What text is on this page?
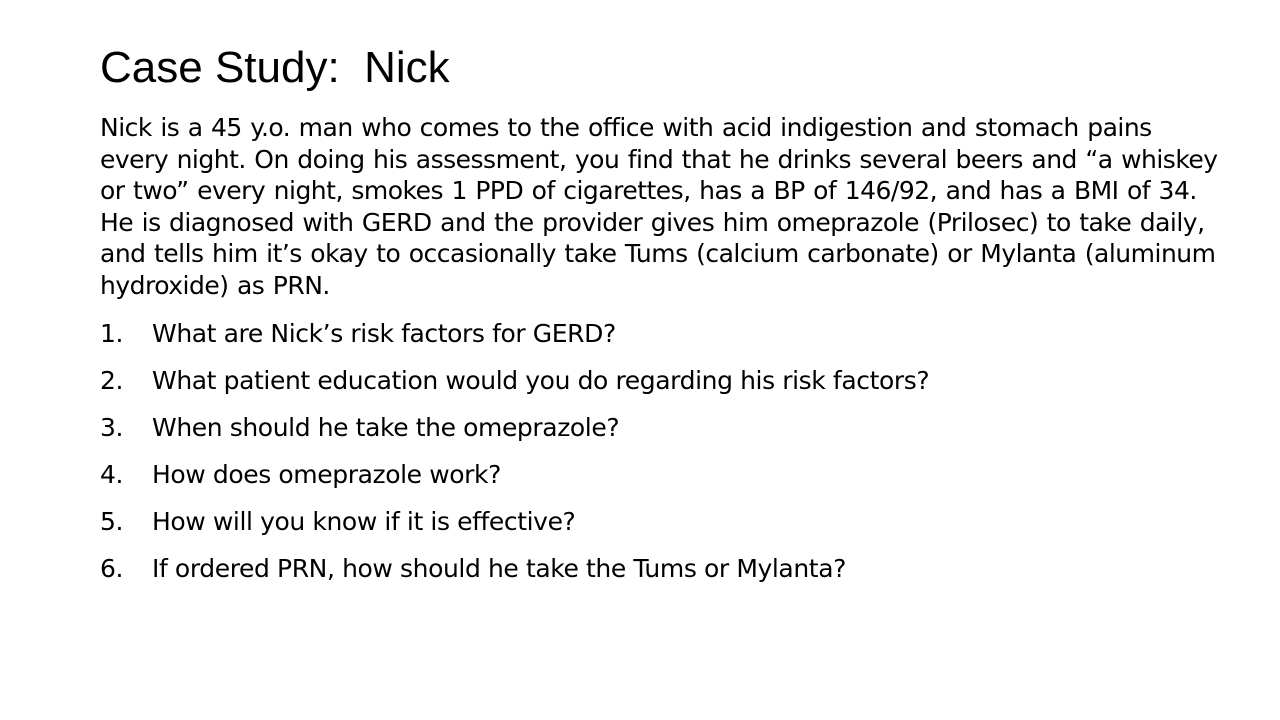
Case Study:  Nick

Nick is a 45 y.o. man who comes to the office with acid indigestion and stomach pains every night. On doing his assessment, you find that he drinks several beers and “a whiskey or two” every night, smokes 1 PPD of cigarettes, has a BP of 146/92, and has a BMI of 34. He is diagnosed with GERD and the provider gives him omeprazole (Prilosec) to take daily, and tells him it’s okay to occasionally take Tums (calcium carbonate) or Mylanta (aluminum hydroxide) as PRN.

1.	What are Nick’s risk factors for GERD?
2.	What patient education would you do regarding his risk factors?
3.	When should he take the omeprazole?
4.	How does omeprazole work?
5.	How will you know if it is effective?
6.	If ordered PRN, how should he take the Tums or Mylanta?
